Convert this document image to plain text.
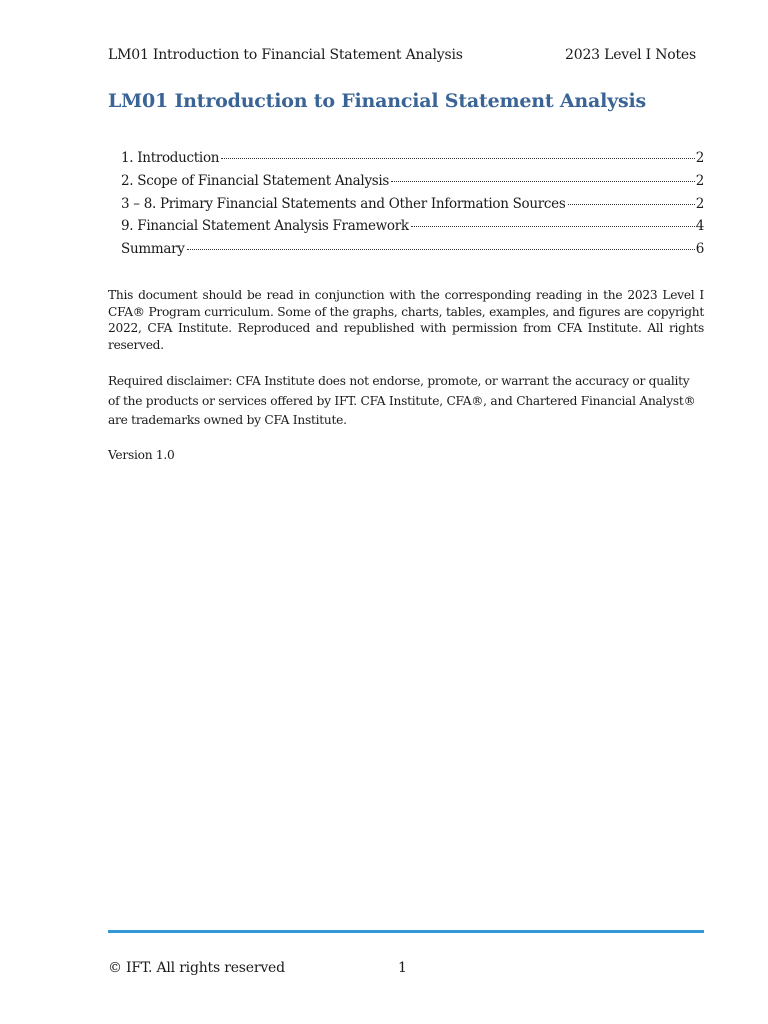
LM01 Introduction to Financial Statement Analysis	2023 Level I Notes
LM01 Introduction to Financial Statement Analysis
1. Introduction	2
2. Scope of Financial Statement Analysis	2
3 – 8. Primary Financial Statements and Other Information Sources	2
9. Financial Statement Analysis Framework	4
Summary	6

This document should be read in conjunction with the corresponding reading in the 2023 Level I CFA® Program curriculum. Some of the graphs, charts, tables, examples, and figures are copyright 2022, CFA Institute. Reproduced and republished with permission from CFA Institute. All rights reserved.

Required disclaimer: CFA Institute does not endorse, promote, or warrant the accuracy or quality of the products or services offered by IFT. CFA Institute, CFA®, and Chartered Financial Analyst® are trademarks owned by CFA Institute.

Version 1.0

© IFT. All rights reserved	1
